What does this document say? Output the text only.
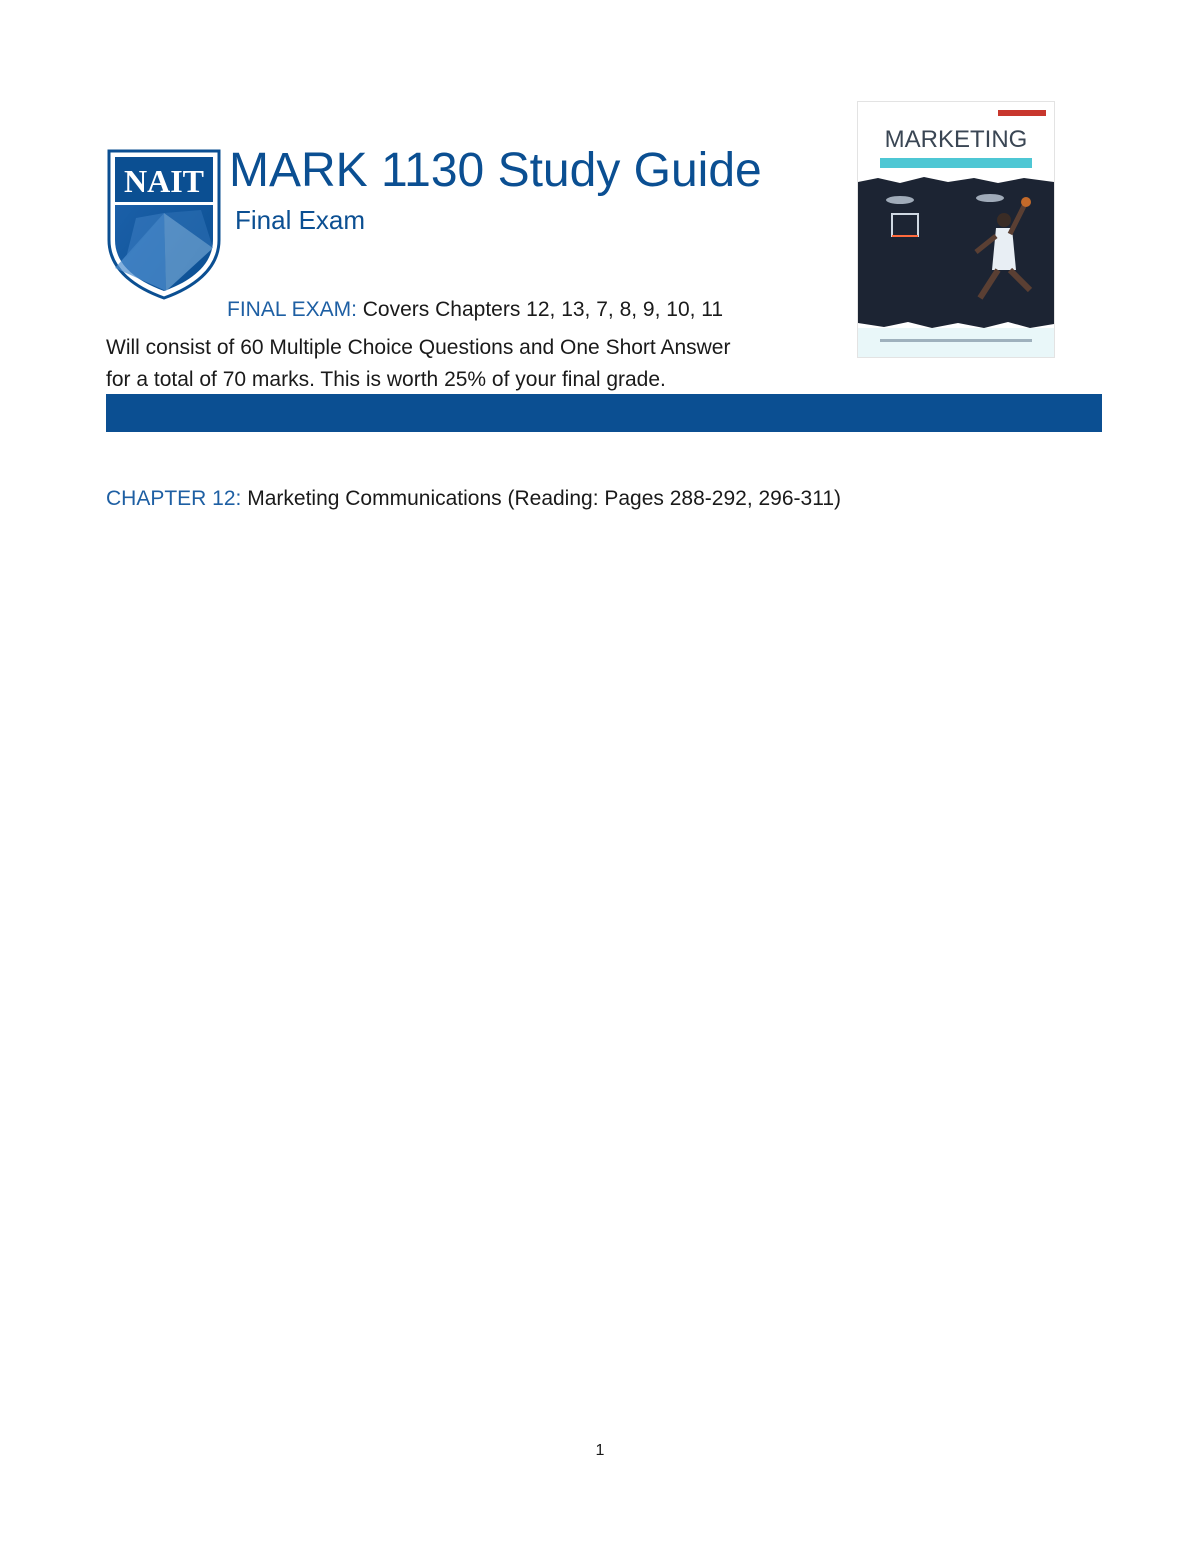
NAIT MARK 1130 Study Guide
Final Exam
FINAL EXAM: Covers Chapters 12, 13, 7, 8, 9, 10, 11
Will consist of 60 Multiple Choice Questions and One Short Answer
for a total of 70 marks. This is worth 25% of your final grade.
MARKETING
CHAPTER 12: Marketing Communications (Reading: Pages 288-292, 296-311)
1
